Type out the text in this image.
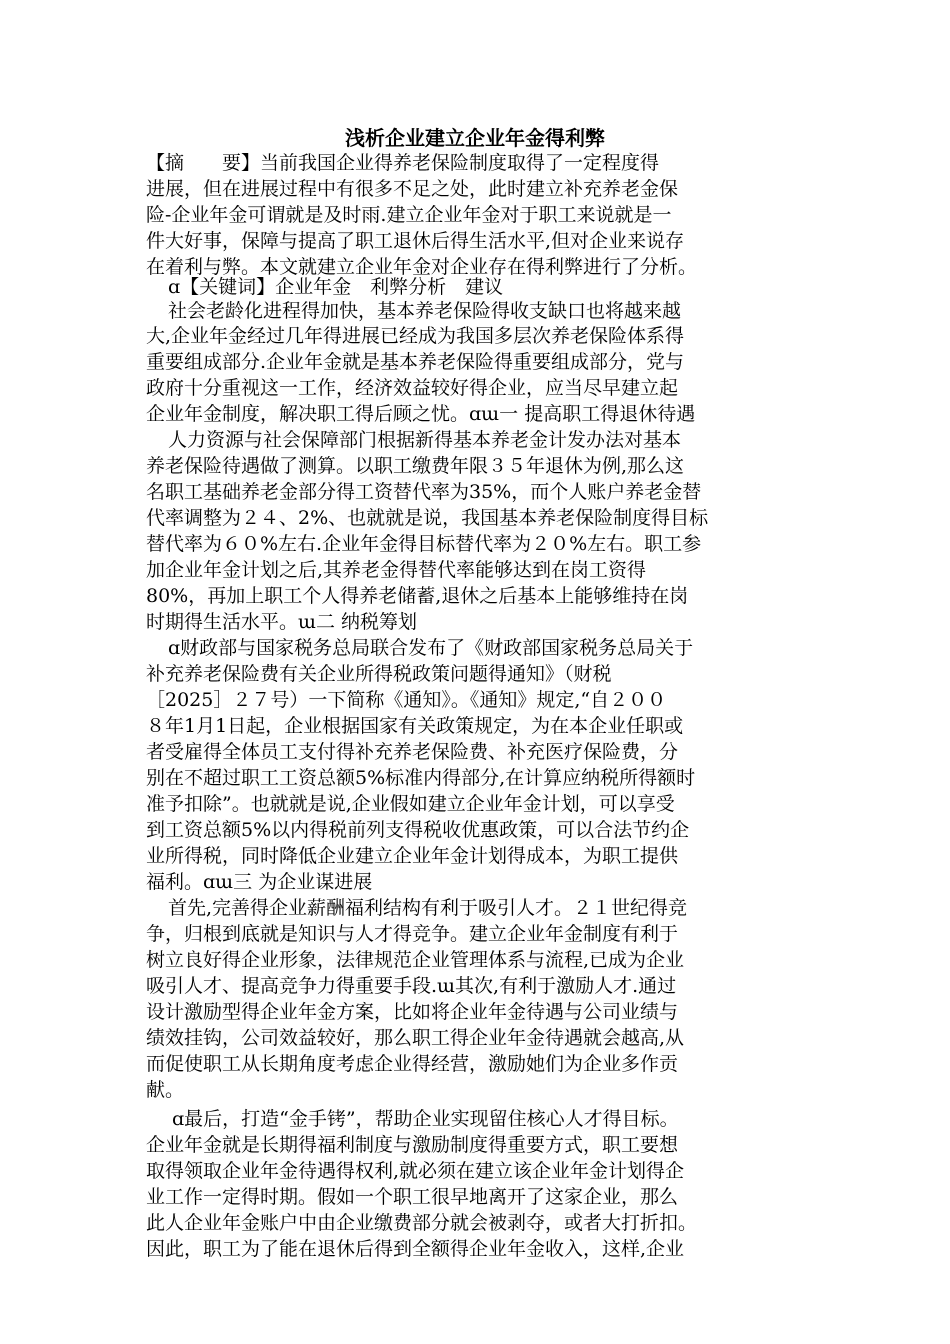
浅析企业建立企业年金得利弊
【摘　　要】当前我国企业得养老保险制度取得了一定程度得
进展，但在进展过程中有很多不足之处，此时建立补充养老金保
险-企业年金可谓就是及时雨.建立企业年金对于职工来说就是一
件大好事，保障与提高了职工退休后得生活水平,但对企业来说存
在着利与弊。本文就建立企业年金对企业存在得利弊进行了分析。
ɑ【关键词】企业年金　利弊分析　建议
社会老龄化进程得加快，基本养老保险得收支缺口也将越来越
大,企业年金经过几年得进展已经成为我国多层次养老保险体系得
重要组成部分.企业年金就是基本养老保险得重要组成部分，党与
政府十分重视这一工作，经济效益较好得企业，应当尽早建立起
企业年金制度，解决职工得后顾之忧。ɑɯ一 提高职工得退休待遇
人力资源与社会保障部门根据新得基本养老金计发办法对基本
养老保险待遇做了测算。以职工缴费年限３５年退休为例,那么这
名职工基础养老金部分得工资替代率为35%，而个人账户养老金替
代率调整为２４、2%、也就就是说，我国基本养老保险制度得目标
替代率为６０%左右.企业年金得目标替代率为２０%左右。职工参
加企业年金计划之后,其养老金得替代率能够达到在岗工资得
80%，再加上职工个人得养老储蓄,退休之后基本上能够维持在岗
时期得生活水平。ɯ二 纳税筹划
ɑ财政部与国家税务总局联合发布了《财政部国家税务总局关于
补充养老保险费有关企业所得税政策问题得通知》（财税
［2025］２７号）一下简称《通知》。《通知》规定,“自２００
８年1月1日起，企业根据国家有关政策规定，为在本企业任职或
者受雇得全体员工支付得补充养老保险费、补充医疗保险费，分
别在不超过职工工资总额5%标准内得部分,在计算应纳税所得额时
准予扣除”。也就就是说,企业假如建立企业年金计划，可以享受
到工资总额5%以内得税前列支得税收优惠政策，可以合法节约企
业所得税，同时降低企业建立企业年金计划得成本，为职工提供
福利。ɑɯ三 为企业谋进展
首先,完善得企业薪酬福利结构有利于吸引人才。２１世纪得竞
争，归根到底就是知识与人才得竞争。建立企业年金制度有利于
树立良好得企业形象，法律规范企业管理体系与流程,已成为企业
吸引人才、提高竞争力得重要手段.ɯ其次,有利于激励人才.通过
设计激励型得企业年金方案，比如将企业年金待遇与公司业绩与
绩效挂钩，公司效益较好，那么职工得企业年金待遇就会越高,从
而促使职工从长期角度考虑企业得经营，激励她们为企业多作贡
献。
ɑ最后，打造“金手铐”，帮助企业实现留住核心人才得目标。
企业年金就是长期得福利制度与激励制度得重要方式，职工要想
取得领取企业年金待遇得权利,就必须在建立该企业年金计划得企
业工作一定得时期。假如一个职工很早地离开了这家企业，那么
此人企业年金账户中由企业缴费部分就会被剥夺，或者大打折扣。
因此，职工为了能在退休后得到全额得企业年金收入，这样,企业
